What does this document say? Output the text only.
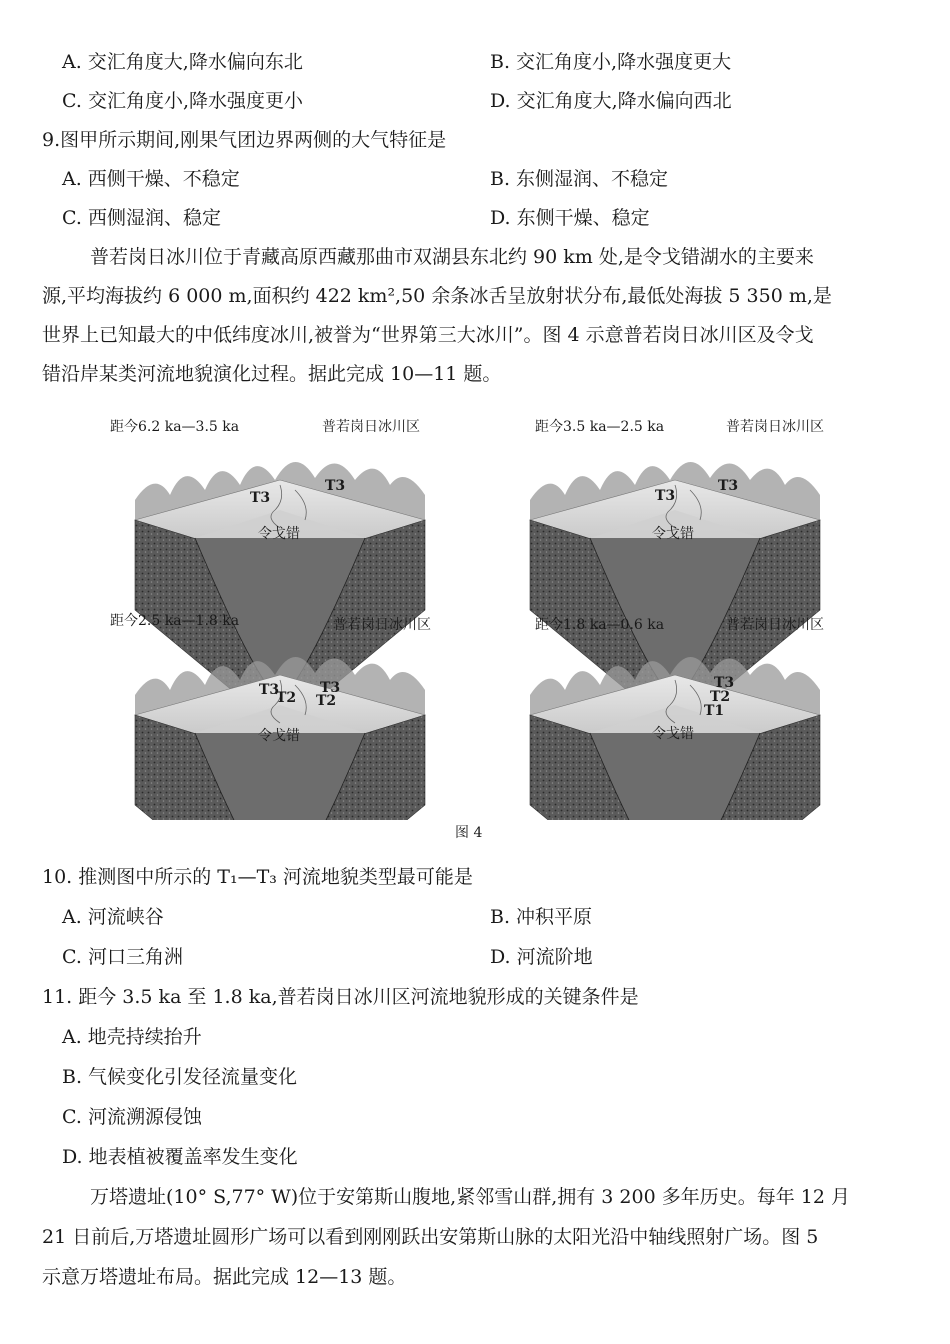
A. 交汇角度大,降水偏向东北	B. 交汇角度小,降水强度更大
C. 交汇角度小,降水强度更小	D. 交汇角度大,降水偏向西北
9.图甲所示期间,刚果气团边界两侧的大气特征是
A. 西侧干燥、不稳定	B. 东侧湿润、不稳定
C. 西侧湿润、稳定	D. 东侧干燥、稳定
普若岗日冰川位于青藏高原西藏那曲市双湖县东北约 90 km 处,是令戈错湖水的主要来
源,平均海拔约 6 000 m,面积约 422 km²,50 余条冰舌呈放射状分布,最低处海拔 5 350 m,是
世界上已知最大的中低纬度冰川,被誉为“世界第三大冰川”。图 4 示意普若岗日冰川区及令戈
错沿岸某类河流地貌演化过程。据此完成 10—11 题。
距今6.2 ka—3.5 ka	普若岗日冰川区
T3
T3
令戈错
距今3.5 ka—2.5 ka	普若岗日冰川区
T3
T3
令戈错
距今2.5 ka—1.8 ka	普若岗日冰川区
T3
T2
T3
T2
令戈错
距今1.8 ka—0.6 ka	普若岗日冰川区
T3
T2
T1
令戈错
图 4
10. 推测图中所示的 T₁—T₃ 河流地貌类型最可能是
A. 河流峡谷	B. 冲积平原
C. 河口三角洲	D. 河流阶地
11. 距今 3.5 ka 至 1.8 ka,普若岗日冰川区河流地貌形成的关键条件是
A. 地壳持续抬升
B. 气候变化引发径流量变化
C. 河流溯源侵蚀
D. 地表植被覆盖率发生变化
万塔遗址(10° S,77° W)位于安第斯山腹地,紧邻雪山群,拥有 3 200 多年历史。每年 12 月
21 日前后,万塔遗址圆形广场可以看到刚刚跃出安第斯山脉的太阳光沿中轴线照射广场。图 5
示意万塔遗址布局。据此完成 12—13 题。
